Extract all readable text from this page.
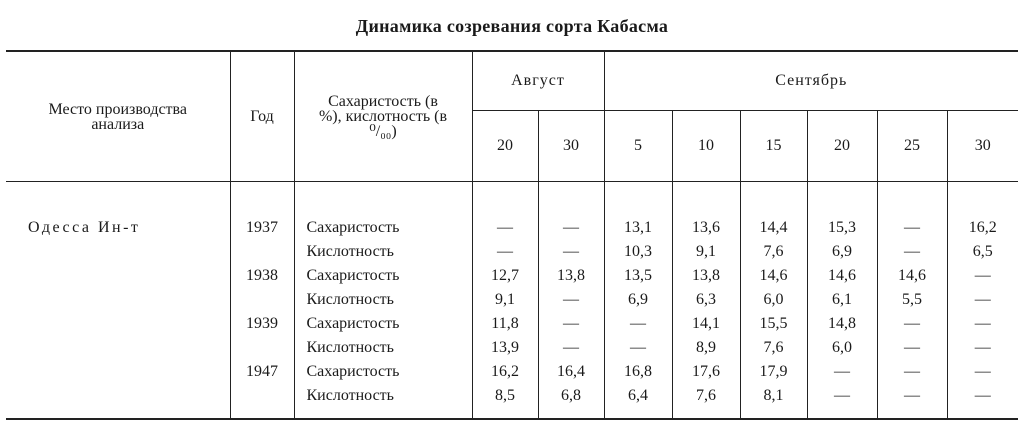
Динамика созревания сорта Кабасма
Место производства анализа	Год	Сахаристость (в %), кислотность (в ⁰/₀₀)	Август		Сентябрь					
			20	30	5	10	15	20	25	30

Одесса Ин-т	1937	Сахаристость	—	—	13,1	13,6	14,4	15,3	—	16,2
		Кислотность	—	—	10,3	9,1	7,6	6,9	—	6,5
	1938	Сахаристость	12,7	13,8	13,5	13,8	14,6	14,6	14,6	—
		Кислотность	9,1	—	6,9	6,3	6,0	6,1	5,5	—
	1939	Сахаристость	11,8	—	—	14,1	15,5	14,8	—	—
		Кислотность	13,9	—	—	8,9	7,6	6,0	—	—
	1947	Сахаристость	16,2	16,4	16,8	17,6	17,9	—	—	—
		Кислотность	8,5	6,8	6,4	7,6	8,1	—	—	—
